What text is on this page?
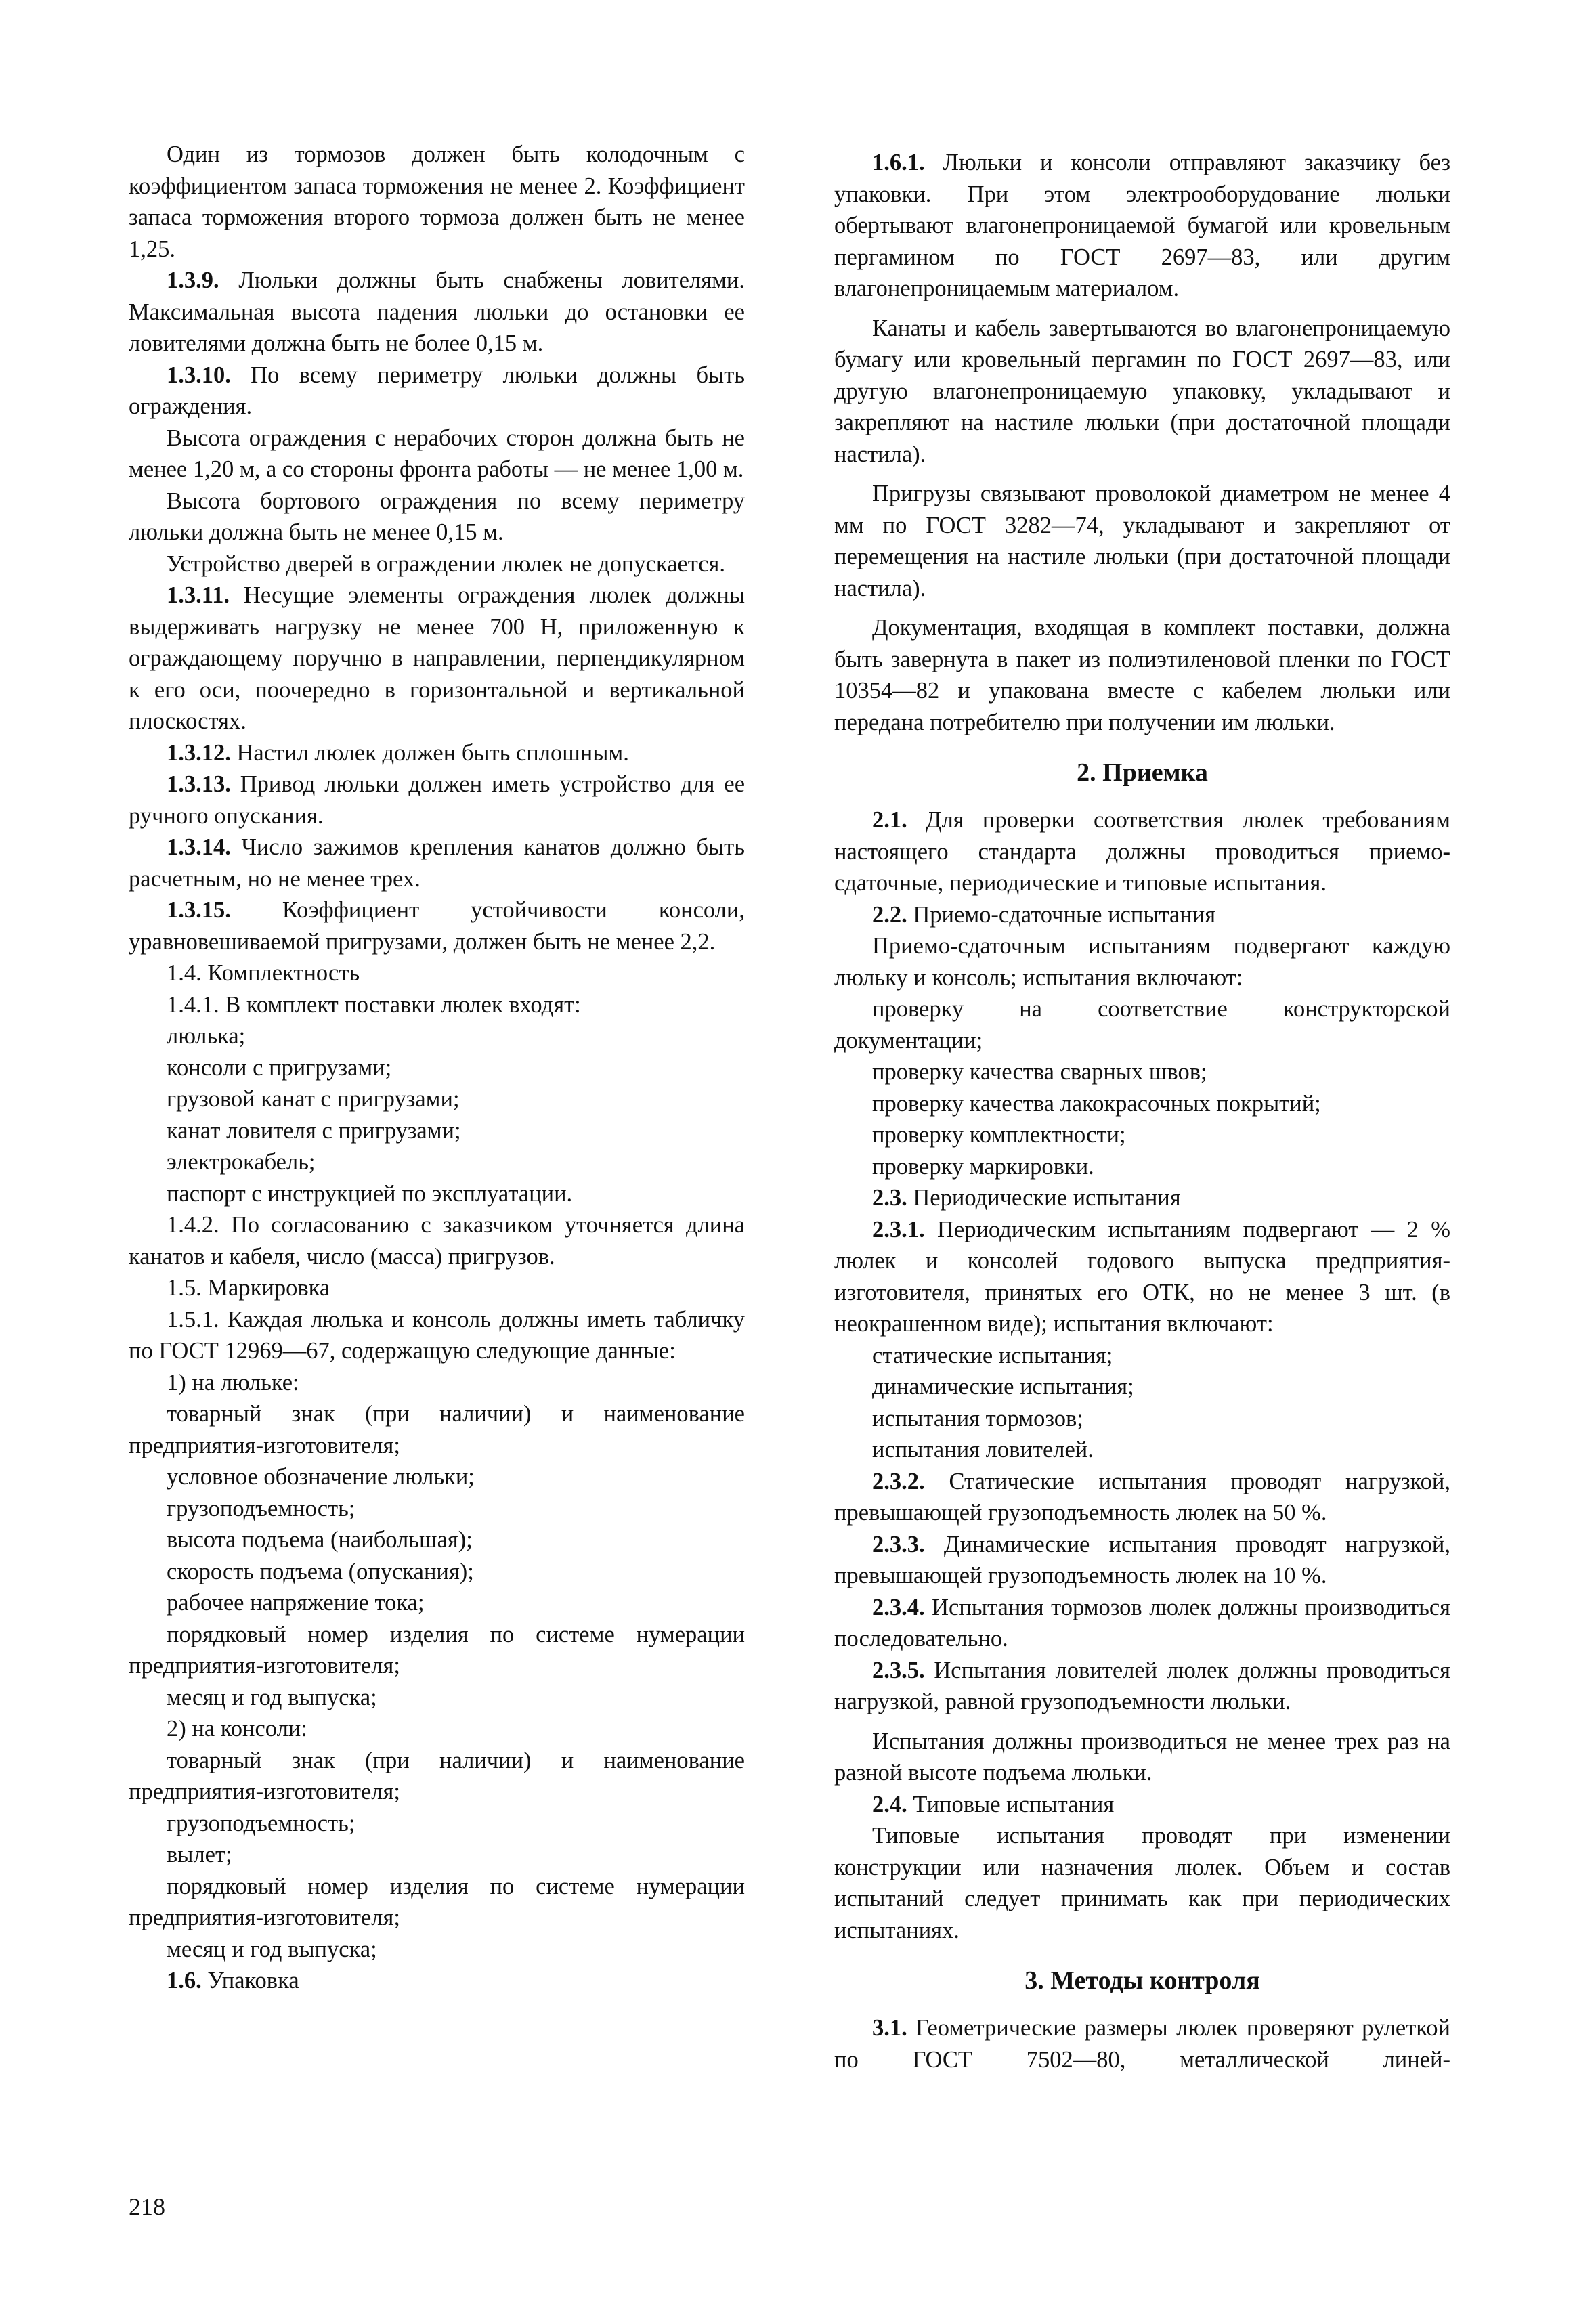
Один из тормозов должен быть колодочным с коэффициентом запаса торможения не менее 2. Коэффициент запаса торможения второго тормоза должен быть не менее 1,25.
1.3.9. Люльки должны быть снабжены ловителями. Максимальная высота падения люльки до остановки ее ловителями должна быть не более 0,15 м.
1.3.10. По всему периметру люльки должны быть ограждения.
Высота ограждения с нерабочих сторон должна быть не менее 1,20 м, а со стороны фронта работы — не менее 1,00 м.
Высота бортового ограждения по всему периметру люльки должна быть не менее 0,15 м.
Устройство дверей в ограждении люлек не допускается.
1.3.11. Несущие элементы ограждения люлек должны выдерживать нагрузку не менее 700 Н, приложенную к ограждающему поручню в направлении, перпендикулярном к его оси, поочередно в горизонтальной и вертикальной плоскостях.
1.3.12. Настил люлек должен быть сплошным.
1.3.13. Привод люльки должен иметь устройство для ее ручного опускания.
1.3.14. Число зажимов крепления канатов должно быть расчетным, но не менее трех.
1.3.15. Коэффициент устойчивости консоли, уравновешиваемой пригрузами, должен быть не менее 2,2.
1.4. Комплектность
1.4.1. В комплект поставки люлек входят:
люлька;
консоли с пригрузами;
грузовой канат с пригрузами;
канат ловителя с пригрузами;
электрокабель;
паспорт с инструкцией по эксплуатации.
1.4.2. По согласованию с заказчиком уточняется длина канатов и кабеля, число (масса) пригрузов.
1.5. Маркировка
1.5.1. Каждая люлька и консоль должны иметь табличку по ГОСТ 12969—67, содержащую следующие данные:
1) на люльке:
товарный знак (при наличии) и наименование предприятия-изготовителя;
условное обозначение люльки;
грузоподъемность;
высота подъема (наибольшая);
скорость подъема (опускания);
рабочее напряжение тока;
порядковый номер изделия по системе нумерации предприятия-изготовителя;
месяц и год выпуска;
2) на консоли:
товарный знак (при наличии) и наименование предприятия-изготовителя;
грузоподъемность;
вылет;
порядковый номер изделия по системе нумерации предприятия-изготовителя;
месяц и год выпуска;
1.6. Упаковка
1.6.1. Люльки и консоли отправляют заказчику без упаковки. При этом электрооборудование люльки обертывают влагонепроницаемой бумагой или кровельным пергамином по ГОСТ 2697—83, или другим влагонепроницаемым материалом.
Канаты и кабель завертываются во влагонепроницаемую бумагу или кровельный пергамин по ГОСТ 2697—83, или другую влагонепроницаемую упаковку, укладывают и закрепляют на настиле люльки (при достаточной площади настила).
Пригрузы связывают проволокой диаметром не менее 4 мм по ГОСТ 3282—74, укладывают и закрепляют от перемещения на настиле люльки (при достаточной площади настила).
Документация, входящая в комплект поставки, должна быть завернута в пакет из полиэтиленовой пленки по ГОСТ 10354—82 и упакована вместе с кабелем люльки или передана потребителю при получении им люльки.
2. Приемка
2.1. Для проверки соответствия люлек требованиям настоящего стандарта должны проводиться приемо-сдаточные, периодические и типовые испытания.
2.2. Приемо-сдаточные испытания
Приемо-сдаточным испытаниям подвергают каждую люльку и консоль; испытания включают:
проверку на соответствие конструкторской документации;
проверку качества сварных швов;
проверку качества лакокрасочных покрытий;
проверку комплектности;
проверку маркировки.
2.3. Периодические испытания
2.3.1. Периодическим испытаниям подвергают — 2 % люлек и консолей годового выпуска предприятия-изготовителя, принятых его ОТК, но не менее 3 шт. (в неокрашенном виде); испытания включают:
статические испытания;
динамические испытания;
испытания тормозов;
испытания ловителей.
2.3.2. Статические испытания проводят нагрузкой, превышающей грузоподъемность люлек на 50 %.
2.3.3. Динамические испытания проводят нагрузкой, превышающей грузоподъемность люлек на 10 %.
2.3.4. Испытания тормозов люлек должны производиться последовательно.
2.3.5. Испытания ловителей люлек должны проводиться нагрузкой, равной грузоподъемности люльки.
Испытания должны производиться не менее трех раз на разной высоте подъема люльки.
2.4. Типовые испытания
Типовые испытания проводят при изменении конструкции или назначения люлек. Объем и состав испытаний следует принимать как при периодических испытаниях.
3. Методы контроля
3.1. Геометрические размеры люлек проверяют рулеткой по ГОСТ 7502—80, металлической линей-
218
